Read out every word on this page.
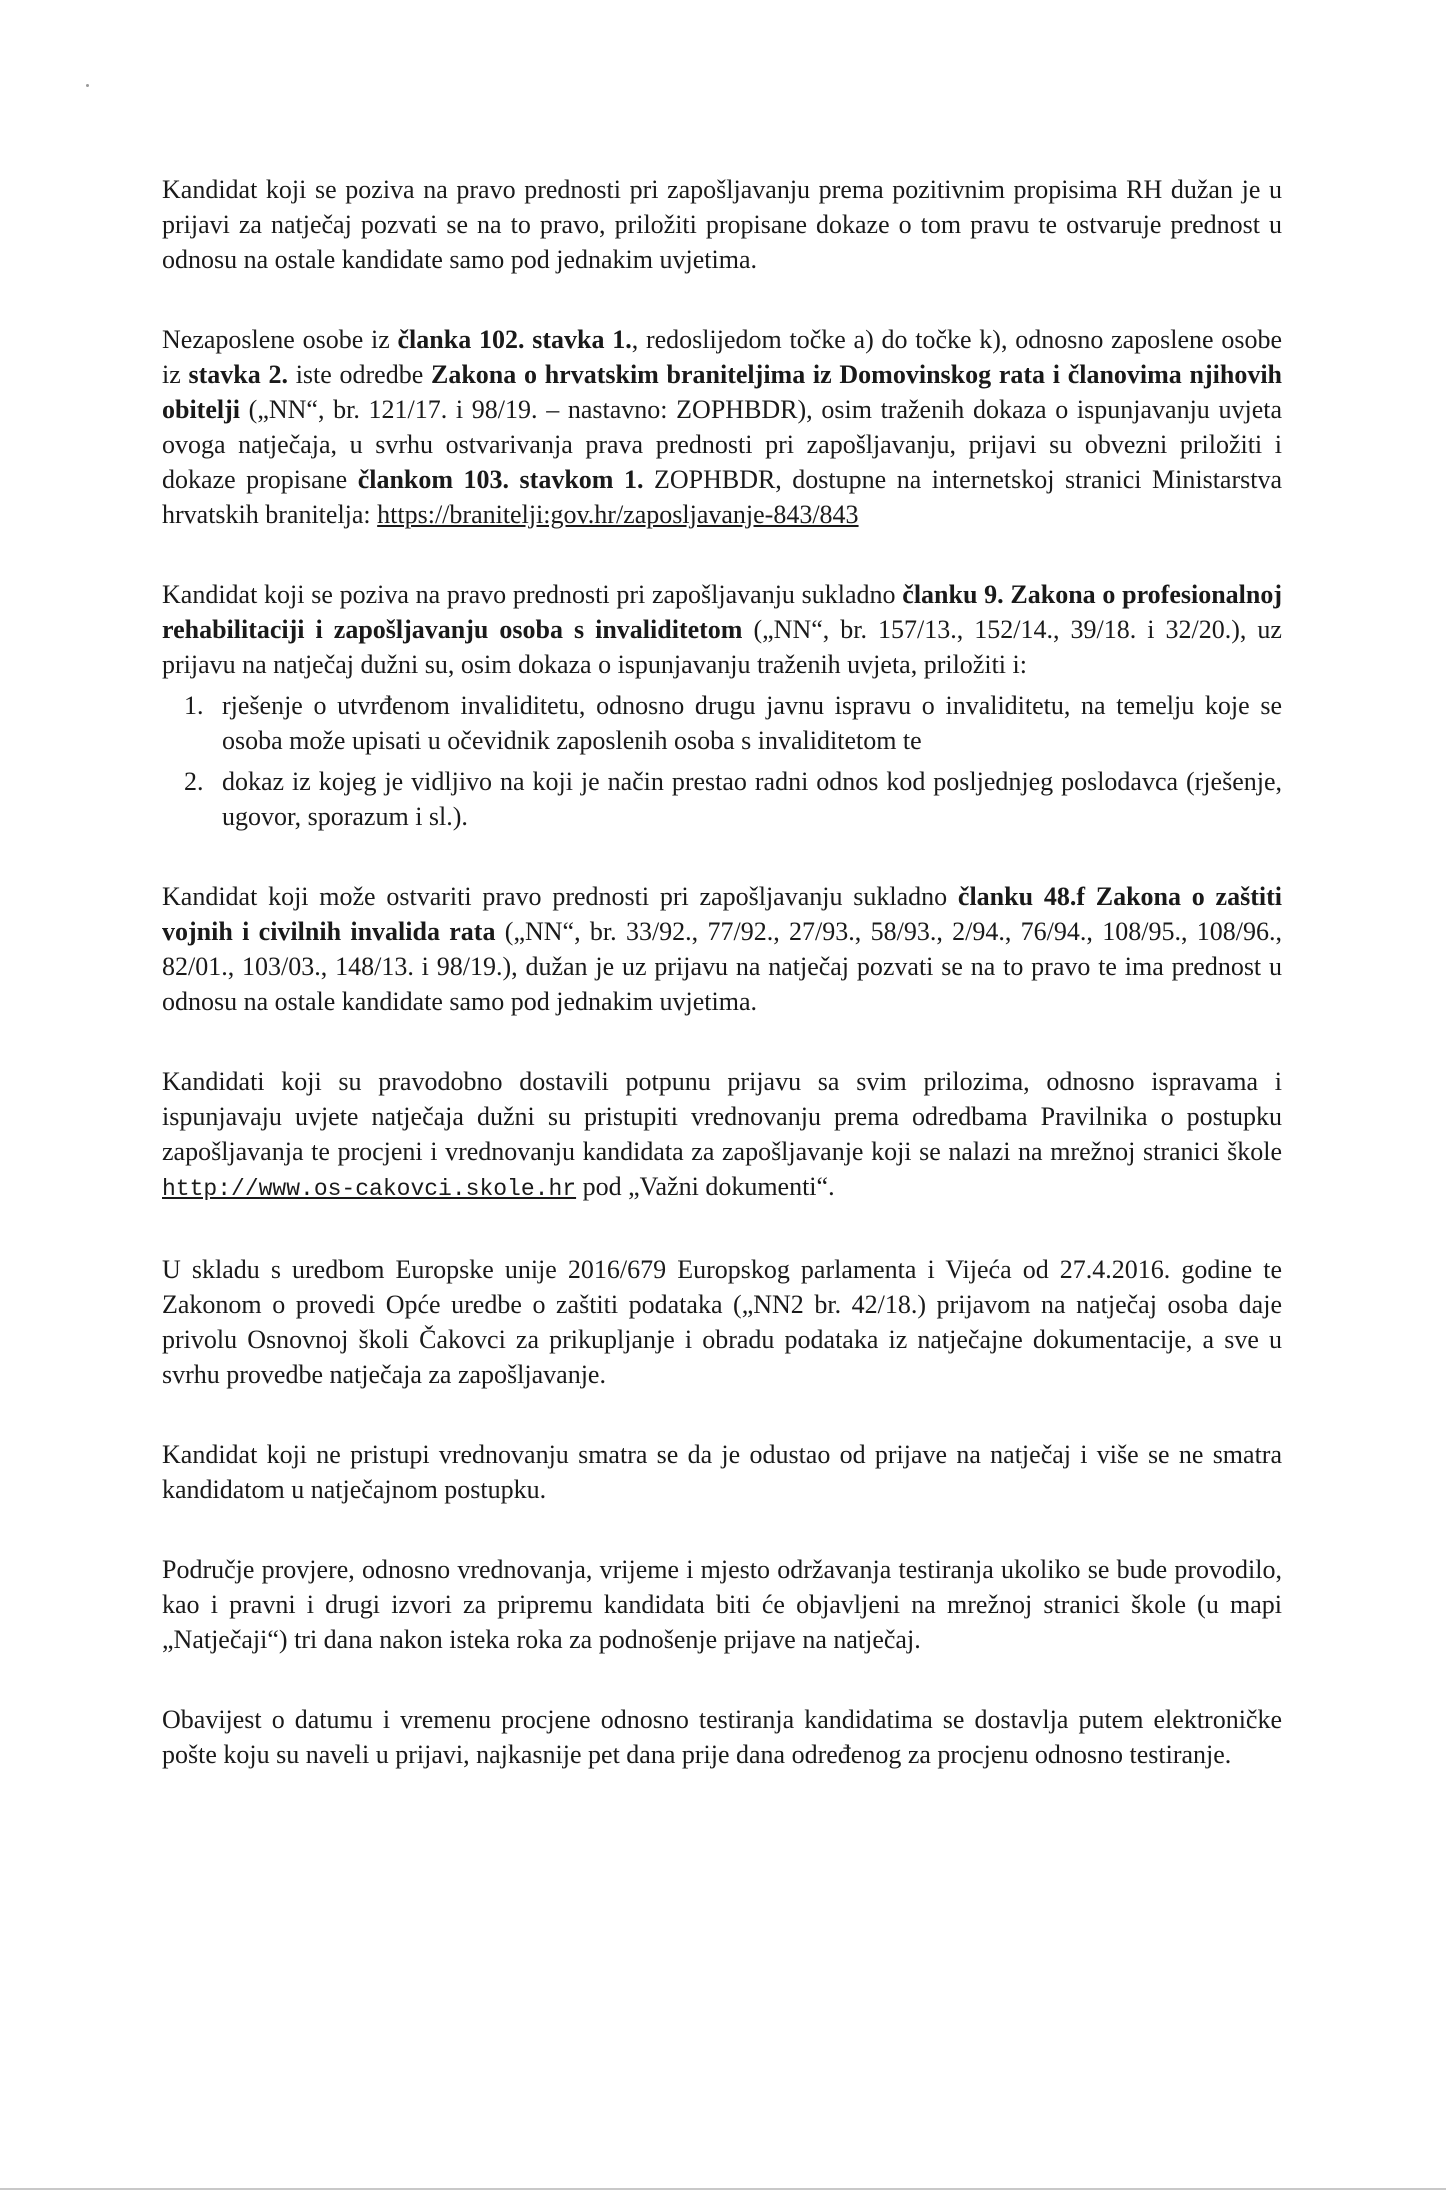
Kandidat koji se poziva na pravo prednosti pri zapošljavanju prema pozitivnim propisima RH dužan je u prijavi za natječaj pozvati se na to pravo, priložiti propisane dokaze o tom pravu te ostvaruje prednost u odnosu na ostale kandidate samo pod jednakim uvjetima.

Nezaposlene osobe iz članka 102. stavka 1., redoslijedom točke a) do točke k), odnosno zaposlene osobe iz stavka 2. iste odredbe Zakona o hrvatskim braniteljima iz Domovinskog rata i članovima njihovih obitelji („NN“, br. 121/17. i 98/19. – nastavno: ZOPHBDR), osim traženih dokaza o ispunjavanju uvjeta ovoga natječaja, u svrhu ostvarivanja prava prednosti pri zapošljavanju, prijavi su obvezni priložiti i dokaze propisane člankom 103. stavkom 1. ZOPHBDR, dostupne na internetskoj stranici Ministarstva hrvatskih branitelja: https://branitelji:gov.hr/zaposljavanje-843/843

Kandidat koji se poziva na pravo prednosti pri zapošljavanju sukladno članku 9. Zakona o profesionalnoj rehabilitaciji i zapošljavanju osoba s invaliditetom („NN“, br. 157/13., 152/14., 39/18. i 32/20.), uz prijavu na natječaj dužni su, osim dokaza o ispunjavanju traženih uvjeta, priložiti i:
1. rješenje o utvrđenom invaliditetu, odnosno drugu javnu ispravu o invaliditetu, na temelju koje se osoba može upisati u očevidnik zaposlenih osoba s invaliditetom te
2. dokaz iz kojeg je vidljivo na koji je način prestao radni odnos kod posljednjeg poslodavca (rješenje, ugovor, sporazum i sl.).

Kandidat koji može ostvariti pravo prednosti pri zapošljavanju sukladno članku 48.f Zakona o zaštiti vojnih i civilnih invalida rata („NN“, br. 33/92., 77/92., 27/93., 58/93., 2/94., 76/94., 108/95., 108/96., 82/01., 103/03., 148/13. i 98/19.), dužan je uz prijavu na natječaj pozvati se na to pravo te ima prednost u odnosu na ostale kandidate samo pod jednakim uvjetima.

Kandidati koji su pravodobno dostavili potpunu prijavu sa svim prilozima, odnosno ispravama i ispunjavaju uvjete natječaja dužni su pristupiti vrednovanju prema odredbama Pravilnika o postupku zapošljavanja te procjeni i vrednovanju kandidata za zapošljavanje koji se nalazi na mrežnoj stranici škole http://www.os-cakovci.skole.hr pod „Važni dokumenti“.

U skladu s uredbom Europske unije 2016/679 Europskog parlamenta i Vijeća od 27.4.2016. godine te Zakonom o provedi Opće uredbe o zaštiti podataka („NN2 br. 42/18.) prijavom na natječaj osoba daje privolu Osnovnoj školi Čakovci za prikupljanje i obradu podataka iz natječajne dokumentacije, a sve u svrhu provedbe natječaja za zapošljavanje.

Kandidat koji ne pristupi vrednovanju smatra se da je odustao od prijave na natječaj i više se ne smatra kandidatom u natječajnom postupku.

Područje provjere, odnosno vrednovanja, vrijeme i mjesto održavanja testiranja ukoliko se bude provodilo, kao i pravni i drugi izvori za pripremu kandidata biti će objavljeni na mrežnoj stranici škole (u mapi „Natječaji“) tri dana nakon isteka roka za podnošenje prijave na natječaj.

Obavijest o datumu i vremenu procjene odnosno testiranja kandidatima se dostavlja putem elektroničke pošte koju su naveli u prijavi, najkasnije pet dana prije dana određenog za procjenu odnosno testiranje.
